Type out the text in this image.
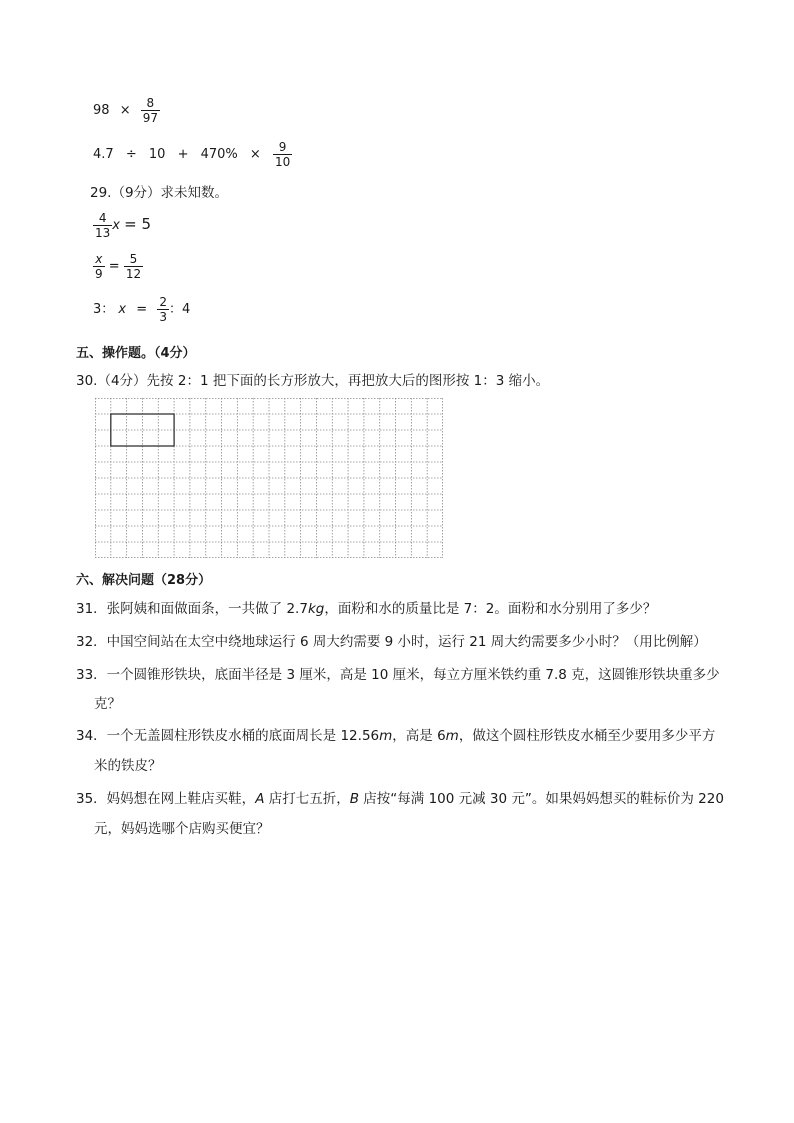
$98 \times \frac{8}{97}$
$4.7 \div 10 + 470\% \times \frac{9}{10}$
29.（9分）求未知数。
$\frac{4}{13}$ x = 5
$\frac{x}{9} = \frac{5}{12}$
3： $x = \frac{2}{3}$ ：4
五、操作题。（4分）
30.（4分）先按 2：1 把下面的长方形放大，再把放大后的图形按 1：3 缩小。
六、解决问题（28分）
31．张阿姨和面做面条，一共做了 2.7kg，面粉和水的质量比是 7：2。面粉和水分别用了多少？
32．中国空间站在太空中绕地球运行 6 周大约需要 9 小时，运行 21 周大约需要多少小时？（用比例解）
33．一个圆锥形铁块，底面半径是 3 厘米，高是 10 厘米，每立方厘米铁约重 7.8 克，这圆锥形铁块重多少
克？
34．一个无盖圆柱形铁皮水桶的底面周长是 12.56m，高是 6m，做这个圆柱形铁皮水桶至少要用多少平方
米的铁皮？
35．妈妈想在网上鞋店买鞋，A 店打七五折，B 店按“每满 100 元减 30 元”。如果妈妈想买的鞋标价为 220
元，妈妈选哪个店购买便宜？
